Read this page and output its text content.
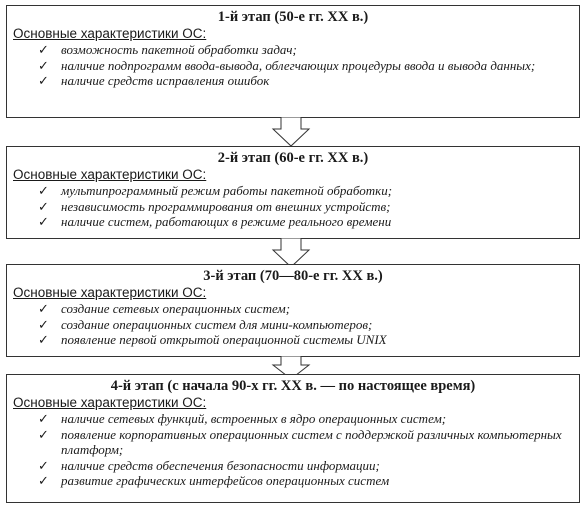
1-й этап (50-е гг. ХХ в.)
Основные характеристики ОС:
✓ возможность пакетной обработки задач;
✓ наличие подпрограмм ввода-вывода, облегчающих процедуры ввода и вывода данных;
✓ наличие средств исправления ошибок
2-й этап (60-е гг. ХХ в.)
Основные характеристики ОС:
✓ мультипрограммный режим работы пакетной обработки;
✓ независимость программирования от внешних устройств;
✓ наличие систем, работающих в режиме реального времени
3-й этап (70—80-е гг. ХХ в.)
Основные характеристики ОС:
✓ создание сетевых операционных систем;
✓ создание операционных систем для мини-компьютеров;
✓ появление первой открытой операционной системы UNIX
4-й этап (с начала 90-х гг. ХХ в. — по настоящее время)
Основные характеристики ОС:
✓ наличие сетевых функций, встроенных в ядро операционных систем;
✓ появление корпоративных операционных систем с поддержкой различных компьютерных платформ;
✓ наличие средств обеспечения безопасности информации;
✓ развитие графических интерфейсов операционных систем
